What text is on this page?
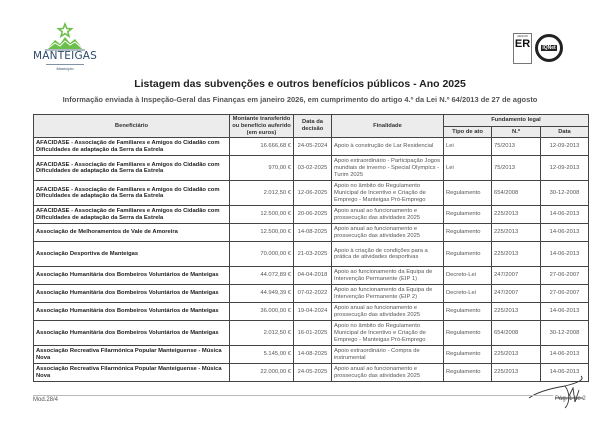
MANTEIGAS
Município
AENOR
ER IQNet
Listagem das subvenções e outros benefícios públicos - Ano 2025
Informação enviada à Inspeção-Geral das Finanças em janeiro 2026, em cumprimento do artigo 4.º da Lei N.º 64/2013 de 27 de agosto
Beneficiário	Montante transferido ou benefício auferido (em euros)	Data da decisão	Finalidade	Fundamento legal		
				Tipo de ato	N.º	Data
AFACIDASE - Associação de Familiares e Amigos do Cidadão com Dificuldades de adaptação da Serra da Estrela	16.666,68 €	24-05-2024	Apoio à construção de Lar Residencial	Lei	75/2013	12-09-2013
AFACIDASE - Associação de Familiares e Amigos do Cidadão com Dificuldades de adaptação da Serra da Estrela	970,00 €	03-02-2025	Apoio extraordinário - Participação Jogos mundiais de inverno - Special Olympics - Turim 2025	Lei	75/2013	12-09-2013
AFACIDASE - Associação de Familiares e Amigos do Cidadão com Dificuldades de adaptação da Serra da Estrela	2.012,50 €	12-06-2025	Apoio no âmbito do Regulamento Municipal de Incentivo e Criação de Emprego - Manteigas Pró-Emprego	Regulamento	654/2008	30-12-2008
AFACIDASE - Associação de Familiares e Amigos do Cidadão com Dificuldades de adaptação da Serra da Estrela	12.500,00 €	20-06-2025	Apoio anual ao funcionamento e prossecução das atividades 2025	Regulamento	225/2013	14-06-2013
Associação de Melhoramentos de Vale de Amoreira	12.500,00 €	14-08-2025	Apoio anual ao funcionamento e prossecução das atividades 2025	Regulamento	225/2013	14-06-2013
Associação Desportiva de Manteigas	70.000,00 €	21-03-2025	Apoio à criação de condições para a prática de atividades desportivas	Regulamento	225/2013	14-06-2013
Associação Humanitária dos Bombeiros Voluntários de Manteigas	44.072,89 €	04-04-2018	Apoio ao funcionamento da Equipa de Intervenção Permanente (EIP 1)	Decreto-Lei	247/2007	27-06-2007
Associação Humanitária dos Bombeiros Voluntários de Manteigas	44.949,39 €	07-02-2022	Apoio ao funcionamento da Equipa de Intervenção Permanente (EIP 2)	Decreto-Lei	247/2007	27-06-2007
Associação Humanitária dos Bombeiros Voluntários de Manteigas	36.000,00 €	19-04-2024	Apoio anual ao funcionamento e prossecução das atividades 2025	Regulamento	225/2013	14-06-2013
Associação Humanitária dos Bombeiros Voluntários de Manteigas	2.012,50 €	16-01-2025	Apoio no âmbito do Regulamento Municipal de Incentivo e Criação de Emprego - Manteigas Pró-Emprego	Regulamento	654/2008	30-12-2008
Associação Recreativa Filarmónica Popular Manteiguense - Música Nova	5.145,00 €	14-08-2025	Apoio extraordinário - Compra de instrumental	Regulamento	225/2013	14-06-2013
Associação Recreativa Filarmónica Popular Manteiguense - Música Nova	22.000,00 €	24-05-2025	Apoio anual ao funcionamento e prossecução das atividades 2025	Regulamento	225/2013	14-06-2013
Mod.28/4	Pág. 1 de 2
